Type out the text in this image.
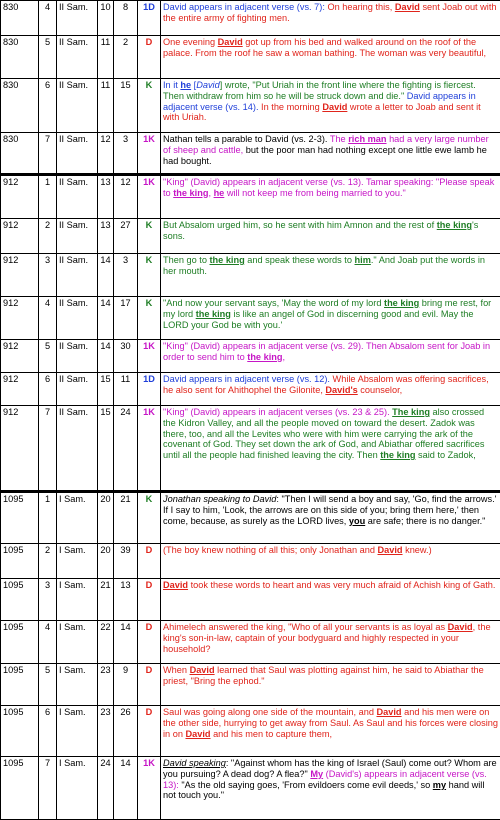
830	4	II Sam.	10	8	1D	David appears in adjacent verse (vs. 7): On hearing this, David sent Joab out with the entire army of fighting men.
830	5	II Sam.	11	2	D	One evening David got up from his bed and walked around on the roof of the palace. From the roof he saw a woman bathing. The woman was very beautiful,
830	6	II Sam.	11	15	K	In it he [David] wrote, "Put Uriah in the front line where the fighting is fiercest. Then withdraw from him so he will be struck down and die." David appears in adjacent verse (vs. 14). In the morning David wrote a letter to Joab and sent it with Uriah.
830	7	II Sam.	12	3	1K	Nathan tells a parable to David (vs. 2-3). The rich man had a very large number of sheep and cattle, but the poor man had nothing except one little ewe lamb he had bought.
912	1	II Sam.	13	12	1K	"King" (David) appears in adjacent verse (vs. 13). Tamar speaking: "Please speak to the king, he will not keep me from being married to you."
912	2	II Sam.	13	27	K	But Absalom urged him, so he sent with him Amnon and the rest of the king's sons.
912	3	II Sam.	14	3	K	Then go to the king and speak these words to him." And Joab put the words in her mouth.
912	4	II Sam.	14	17	K	"And now your servant says, 'May the word of my lord the king bring me rest, for my lord the king is like an angel of God in discerning good and evil. May the LORD your God be with you.'
912	5	II Sam.	14	30	1K	"King" (David) appears in adjacent verse (vs. 29). Then Absalom sent for Joab in order to send him to the king,
912	6	II Sam.	15	11	1D	David appears in adjacent verse (vs. 12). While Absalom was offering sacrifices, he also sent for Ahithophel the Gilonite, David's counselor,
912	7	II Sam.	15	24	1K	"King" (David) appears in adjacent verses (vs. 23 & 25). The king also crossed the Kidron Valley, and all the people moved on toward the desert. Zadok was there, too, and all the Levites who were with him were carrying the ark of the covenant of God. They set down the ark of God, and Abiathar offered sacrifices until all the people had finished leaving the city. Then the king said to Zadok,
1095	1	I Sam.	20	21	K	Jonathan speaking to David: "Then I will send a boy and say, 'Go, find the arrows.' If I say to him, 'Look, the arrows are on this side of you; bring them here,' then come, because, as surely as the LORD lives, you are safe; there is no danger."
1095	2	I Sam.	20	39	D	(The boy knew nothing of all this; only Jonathan and David knew.)
1095	3	I Sam.	21	13	D	David took these words to heart and was very much afraid of Achish king of Gath.
1095	4	I Sam.	22	14	D	Ahimelech answered the king, "Who of all your servants is as loyal as David, the king's son-in-law, captain of your bodyguard and highly respected in your household?
1095	5	I Sam.	23	9	D	When David learned that Saul was plotting against him, he said to Abiathar the priest, "Bring the ephod."
1095	6	I Sam.	23	26	D	Saul was going along one side of the mountain, and David and his men were on the other side, hurrying to get away from Saul. As Saul and his forces were closing in on David and his men to capture them,
1095	7	I Sam.	24	14	1K	David speaking: "Against whom has the king of Israel (Saul) come out? Whom are you pursuing? A dead dog? A flea?" My (David's) appears in adjacent verse (vs. 13): "As the old saying goes, 'From evildoers come evil deeds,' so my hand will not touch you."
